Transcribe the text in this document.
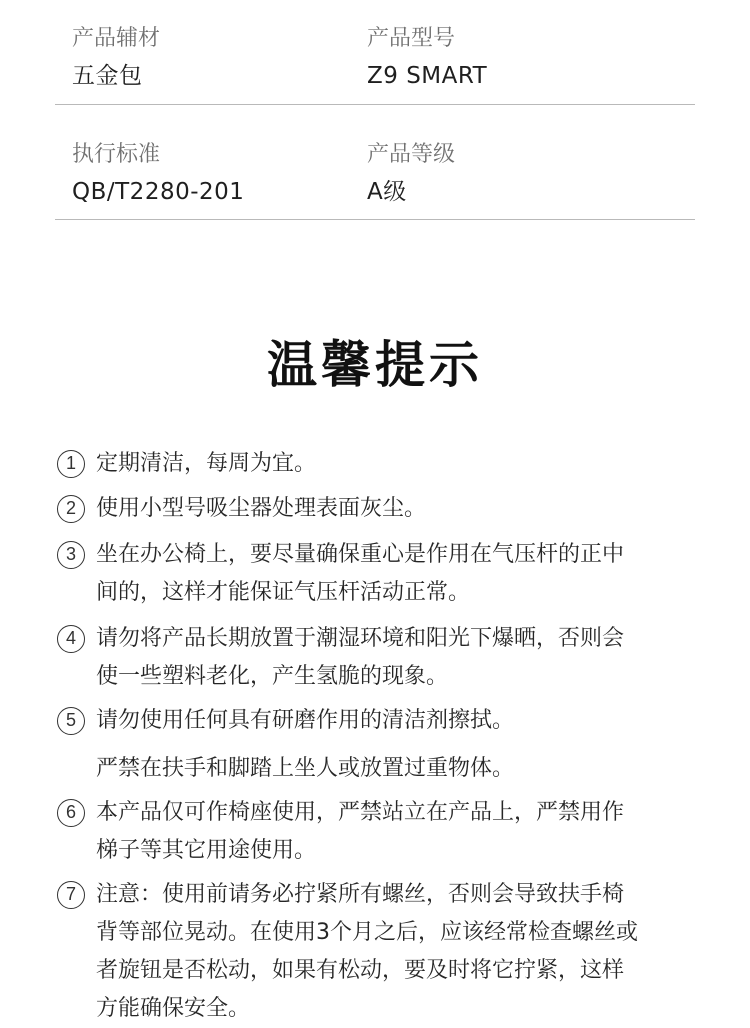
产品辅材
五金包
产品型号
Z9 SMART
执行标准
QB/T2280-201
产品等级
A级
温馨提示
1 定期清洁，每周为宜。
2 使用小型号吸尘器处理表面灰尘。
3 坐在办公椅上，要尽量确保重心是作用在气压杆的正中
间的，这样才能保证气压杆活动正常。
4 请勿将产品长期放置于潮湿环境和阳光下爆晒，否则会
使一些塑料老化，产生氢脆的现象。
5 请勿使用任何具有研磨作用的清洁剂擦拭。
严禁在扶手和脚踏上坐人或放置过重物体。
6 本产品仅可作椅座使用，严禁站立在产品上，严禁用作
梯子等其它用途使用。
7 注意：使用前请务必拧紧所有螺丝，否则会导致扶手椅
背等部位晃动。在使用3个月之后，应该经常检查螺丝或
者旋钮是否松动，如果有松动，要及时将它拧紧，这样
方能确保安全。
